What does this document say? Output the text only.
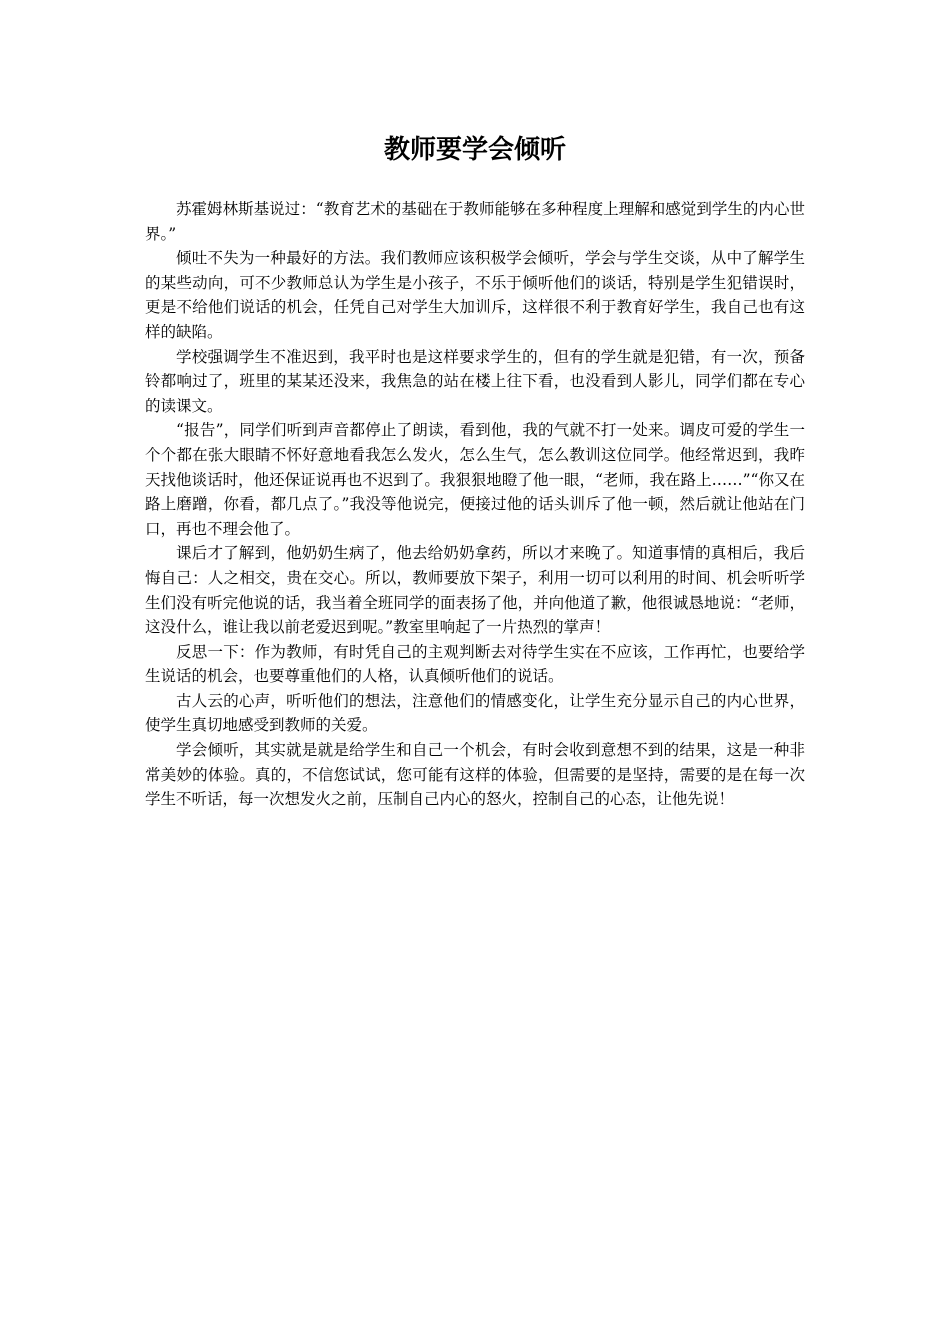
教师要学会倾听

苏霍姆林斯基说过：“教育艺术的基础在于教师能够在多种程度上理解和感觉到学生的内心世界。”

倾吐不失为一种最好的方法。我们教师应该积极学会倾听，学会与学生交谈，从中了解学生的某些动向，可不少教师总认为学生是小孩子，不乐于倾听他们的谈话，特别是学生犯错误时，更是不给他们说话的机会，任凭自己对学生大加训斥，这样很不利于教育好学生，我自己也有这样的缺陷。

学校强调学生不准迟到，我平时也是这样要求学生的，但有的学生就是犯错，有一次，预备铃都响过了，班里的某某还没来，我焦急的站在楼上往下看，也没看到人影儿，同学们都在专心的读课文。

“报告”，同学们听到声音都停止了朗读，看到他，我的气就不打一处来。调皮可爱的学生一个个都在张大眼睛不怀好意地看我怎么发火，怎么生气，怎么教训这位同学。他经常迟到，我昨天找他谈话时，他还保证说再也不迟到了。我狠狠地瞪了他一眼，“老师，我在路上……”“你又在路上磨蹭，你看，都几点了。”我没等他说完，便接过他的话头训斥了他一顿，然后就让他站在门口，再也不理会他了。

课后才了解到，他奶奶生病了，他去给奶奶拿药，所以才来晚了。知道事情的真相后，我后悔自己：人之相交，贵在交心。所以，教师要放下架子，利用一切可以利用的时间、机会听听学生们没有听完他说的话，我当着全班同学的面表扬了他，并向他道了歉，他很诚恳地说：“老师，这没什么，谁让我以前老爱迟到呢。”教室里响起了一片热烈的掌声！

反思一下：作为教师，有时凭自己的主观判断去对待学生实在不应该，工作再忙，也要给学生说话的机会，也要尊重他们的人格，认真倾听他们的说话。

古人云的心声，听听他们的想法，注意他们的情感变化，让学生充分显示自己的内心世界，使学生真切地感受到教师的关爱。

学会倾听，其实就是就是给学生和自己一个机会，有时会收到意想不到的结果，这是一种非常美妙的体验。真的，不信您试试，您可能有这样的体验，但需要的是坚持，需要的是在每一次学生不听话，每一次想发火之前，压制自己内心的怒火，控制自己的心态，让他先说！
